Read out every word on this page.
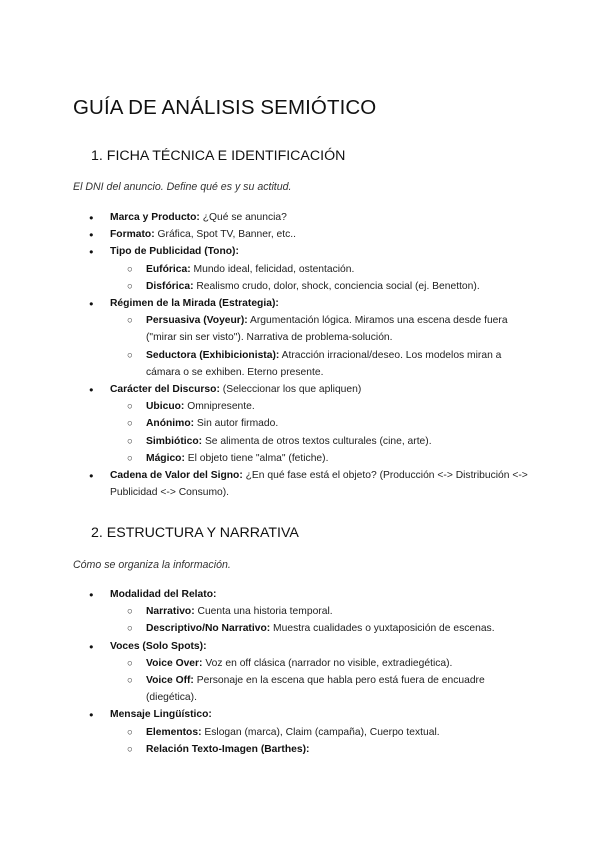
GUÍA DE ANÁLISIS SEMIÓTICO
1. FICHA TÉCNICA E IDENTIFICACIÓN

El DNI del anuncio. Define qué es y su actitud.

● Marca y Producto: ¿Qué se anuncia?
● Formato: Gráfica, Spot TV, Banner, etc..
● Tipo de Publicidad (Tono):
○ Eufórica: Mundo ideal, felicidad, ostentación.
○ Disfórica: Realismo crudo, dolor, shock, conciencia social (ej. Benetton).
● Régimen de la Mirada (Estrategia):
○ Persuasiva (Voyeur): Argumentación lógica. Miramos una escena desde fuera ("mirar sin ser visto"). Narrativa de problema-solución.
○ Seductora (Exhibicionista): Atracción irracional/deseo. Los modelos miran a cámara o se exhiben. Eterno presente.
● Carácter del Discurso: (Seleccionar los que apliquen)
○ Ubicuo: Omnipresente.
○ Anónimo: Sin autor firmado.
○ Simbiótico: Se alimenta de otros textos culturales (cine, arte).
○ Mágico: El objeto tiene "alma" (fetiche).
● Cadena de Valor del Signo: ¿En qué fase está el objeto? (Producción <-> Distribución <-> Publicidad <-> Consumo).
2. ESTRUCTURA Y NARRATIVA

Cómo se organiza la información.

● Modalidad del Relato:
○ Narrativo: Cuenta una historia temporal.
○ Descriptivo/No Narrativo: Muestra cualidades o yuxtaposición de escenas.
● Voces (Solo Spots):
○ Voice Over: Voz en off clásica (narrador no visible, extradiegética).
○ Voice Off: Personaje en la escena que habla pero está fuera de encuadre (diegética).
● Mensaje Lingüístico:
○ Elementos: Eslogan (marca), Claim (campaña), Cuerpo textual.
○ Relación Texto-Imagen (Barthes):
